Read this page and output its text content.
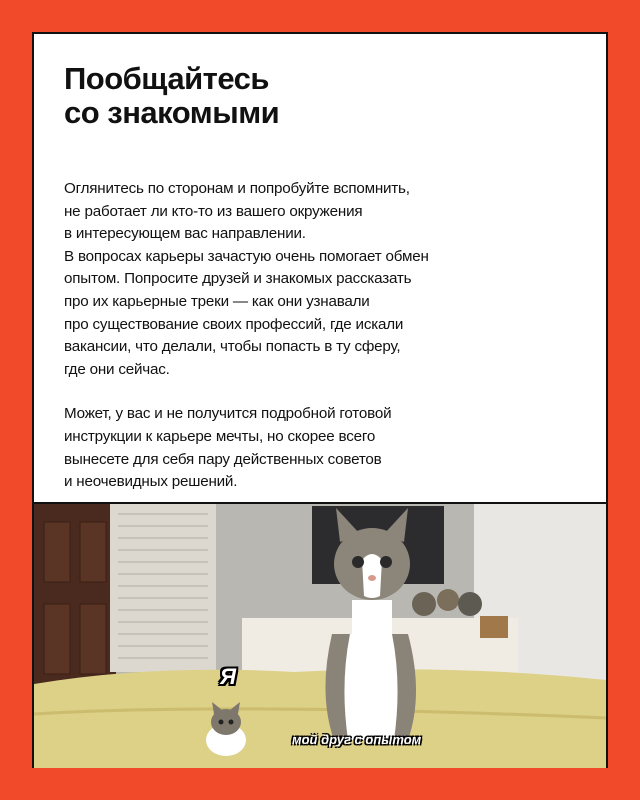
Пообщайтесь
со знакомыми

Оглянитесь по сторонам и попробуйте вспомнить,

не работает ли кто-то из вашего окружения

в интересующем вас направлении.

В вопросах карьеры зачастую очень помогает обмен

опытом. Попросите друзей и знакомых рассказать

про их карьерные треки — как они узнавали

про существование своих профессий, где искали

вакансии, что делали, чтобы попасть в ту сферу,

где они сейчас.

Может, у вас и не получится подробной готовой

инструкции к карьере мечты, но скорее всего

вынесете для себя пару действенных советов

и неочевидных решений.

Я
мой друг с опытом
